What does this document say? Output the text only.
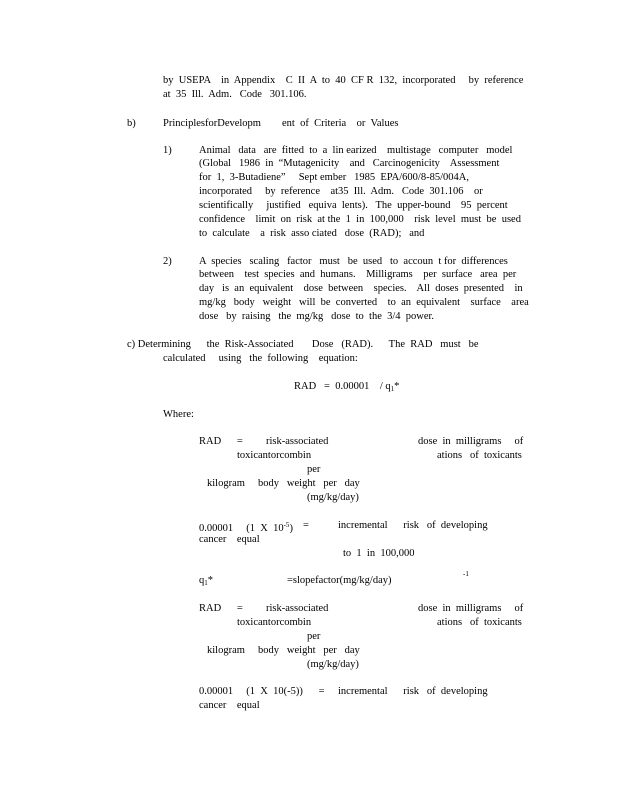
by  USEPA    in  Appendix    C  II  A  to  40  CF R  132,  incorporated     by  reference
at  35  Ill.  Adm.   Code   301.106.
b)	PrinciplesforDevelopm ent  of  Criteria    or  Values
1)	Animal   data   are  fitted  to  a  lin earized    multistage   computer   model
(Global   1986  in  “Mutagenicity    and   Carcinogenicity    Assessment
for  1,  3-Butadiene”     Sept ember   1985  EPA/600/8-85/004A,
incorporated     by  reference    at35  Ill.  Adm.   Code  301.106    or
scientifically     justified   equiva  lents).   The  upper-bound    95  percent
confidence    limit  on  risk  at the  1  in  100,000    risk  level  must  be  used
to  calculate    a  risk  asso ciated   dose  (RAD);   and
2)	A  species   scaling   factor   must   be  used   to  accoun  t for  differences
between    test  species  and  humans.    Milligrams    per  surface   area  per
day   is  an  equivalent    dose  between    species.    All  doses  presented    in
mg/kg   body   weight   will  be  converted    to  an  equivalent    surface    area
dose   by  raising   the  mg/kg   dose  to  the  3/4  power.
c) Determining      the  Risk-Associated       Dose   (RAD).      The  RAD   must   be
calculated     using   the  following    equation:
RAD   =  0.00001    / $q_1*$
Where:
RAD      = risk-associated	dose  in  milligrams     of
toxicantorcombin	ations   of  toxicants
per
kilogram     body   weight   per   day
(mg/kg/day)
0.00001     (1  X  $10^{-5}$) =	incremental      risk   of  developing
cancer    equal
to  1  in  100,000
$q_1*$	=slopefactor(mg/kg/day)
-1
RAD      = risk-associated	dose  in  milligrams     of
toxicantorcombin	ations   of  toxicants
per
kilogram     body   weight   per   day
(mg/kg/day)
0.00001     (1  X  10(-5))      = incremental      risk   of  developing
cancer    equal
